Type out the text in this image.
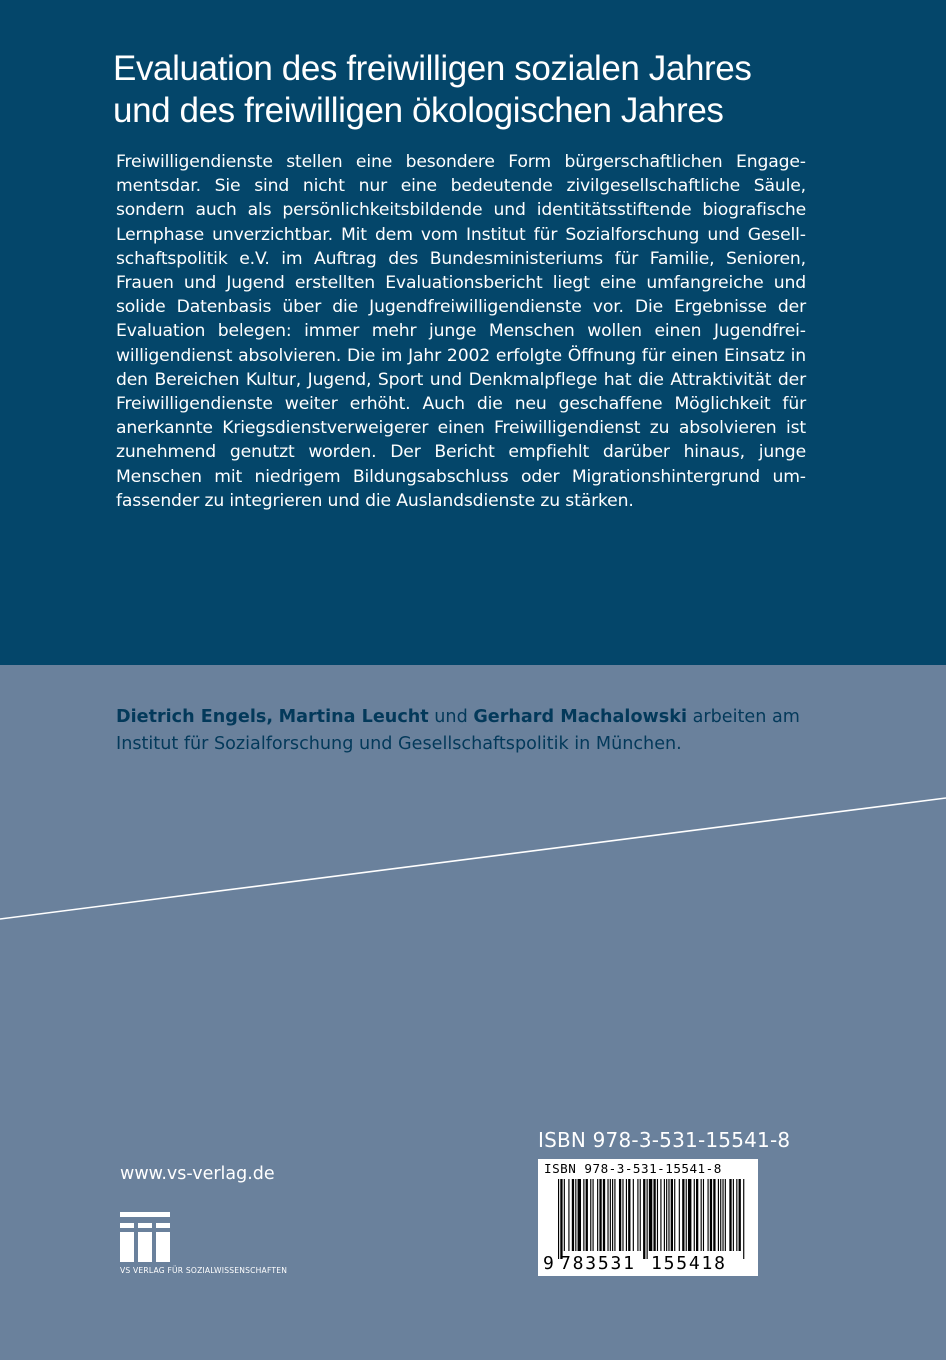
Evaluation des freiwilligen sozialen Jahres
und des freiwilligen ökologischen Jahres

Freiwilligendienste stellen eine besondere Form bürgerschaftlichen Engagementsdar. Sie sind nicht nur eine bedeutende zivilgesellschaftliche Säule, sondern auch als persönlichkeitsbildende und identitätsstiftende biografische Lernphase unverzichtbar. Mit dem vom Institut für Sozialforschung und Gesellschaftspolitik e.V. im Auftrag des Bundesministeriums für Familie, Senioren, Frauen und Jugend erstellten Evaluationsbericht liegt eine umfangreiche und solide Datenbasis über die Jugendfreiwilligendienste vor. Die Ergebnisse der Evaluation belegen: immer mehr junge Menschen wollen einen Jugendfreiwilligendienst absolvieren. Die im Jahr 2002 erfolgte Öffnung für einen Einsatz in den Bereichen Kultur, Jugend, Sport und Denkmalpflege hat die Attraktivität der Freiwilligendienste weiter erhöht. Auch die neu geschaffene Möglichkeit für anerkannte Kriegsdienstverweigerer einen Freiwilligendienst zu absolvieren ist zunehmend genutzt worden. Der Bericht empfiehlt darüber hinaus, junge Menschen mit niedrigem Bildungsabschluss oder Migrationshintergrund umfassender zu integrieren und die Auslandsdienste zu stärken.

Dietrich Engels, Martina Leucht und Gerhard Machalowski arbeiten am Institut für Sozialforschung und Gesellschaftspolitik in München.

www.vs-verlag.de

VS VERLAG FÜR SOZIALWISSENSCHAFTEN

ISBN 978-3-531-15541-8

ISBN 978-3-531-15541-8

9 783531 155418
